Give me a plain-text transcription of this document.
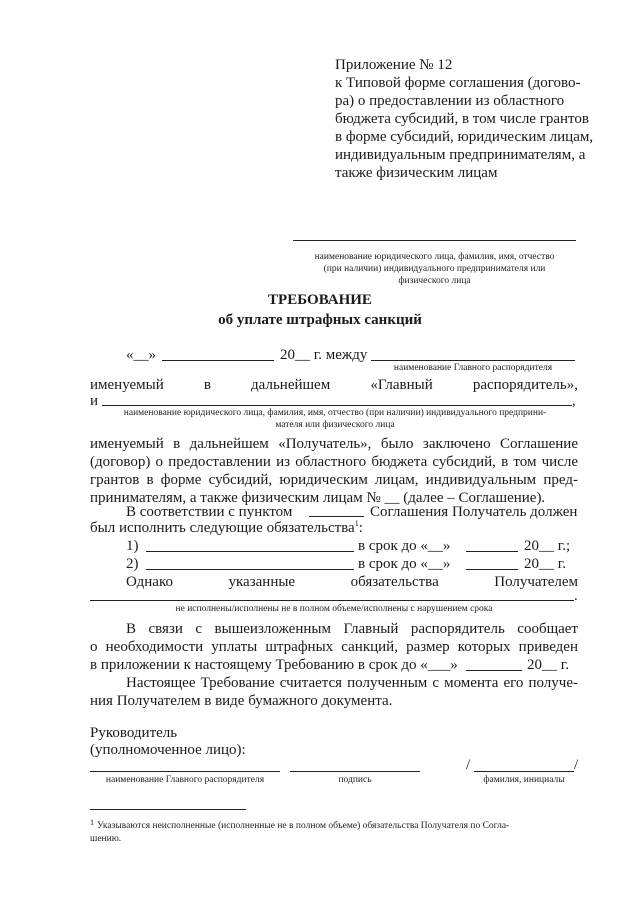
Приложение № 12
к Типовой форме соглашения (догово-
ра) о предоставлении из областного
бюджета субсидий, в том числе грантов
в форме субсидий, юридическим лицам,
индивидуальным предпринимателям, а
также физическим лицам
наименование юридического лица, фамилия, имя, отчество
(при наличии) индивидуального предпринимателя или
физического лица
ТРЕБОВАНИЕ
об уплате штрафных санкций
«__»	20__ г. между
наименование Главного распорядителя
именуемый	в	дальнейшем	«Главный	распорядитель»,
и	,
наименование юридического лица, фамилия, имя, отчество (при наличии) индивидуального предприни-
мателя или физического лица
именуемый в дальнейшем «Получатель», было заключено Соглашение
(договор) о предоставлении из областного бюджета субсидий, в том числе
грантов в форме субсидий, юридическим лицам, индивидуальным пред-
принимателям, а также физическим лицам № __ (далее – Соглашение).
В соответствии с пунктом	Соглашения Получатель должен
был исполнить следующие обязательства$^1$:
1)	в срок до «__»	20__ г.;
2)	в срок до «__»	20__ г.
Однако	указанные	обязательства	Получателем
.
не исполнены/исполнены не в полном объеме/исполнены с нарушением срока
В связи с вышеизложенным Главный распорядитель сообщает
о необходимости уплаты штрафных санкций, размер которых приведен
в приложении к настоящему Требованию в срок до «___»	20__ г.
Настоящее Требование считается полученным с момента его получе-
ния Получателем в виде бумажного документа.
Руководитель
(уполномоченное лицо):
/	/
наименование Главного распорядителя	подпись	фамилия, инициалы
1 Указываются неисполненные (исполненные не в полном объеме) обязательства Получателя по Согла-
шению.
